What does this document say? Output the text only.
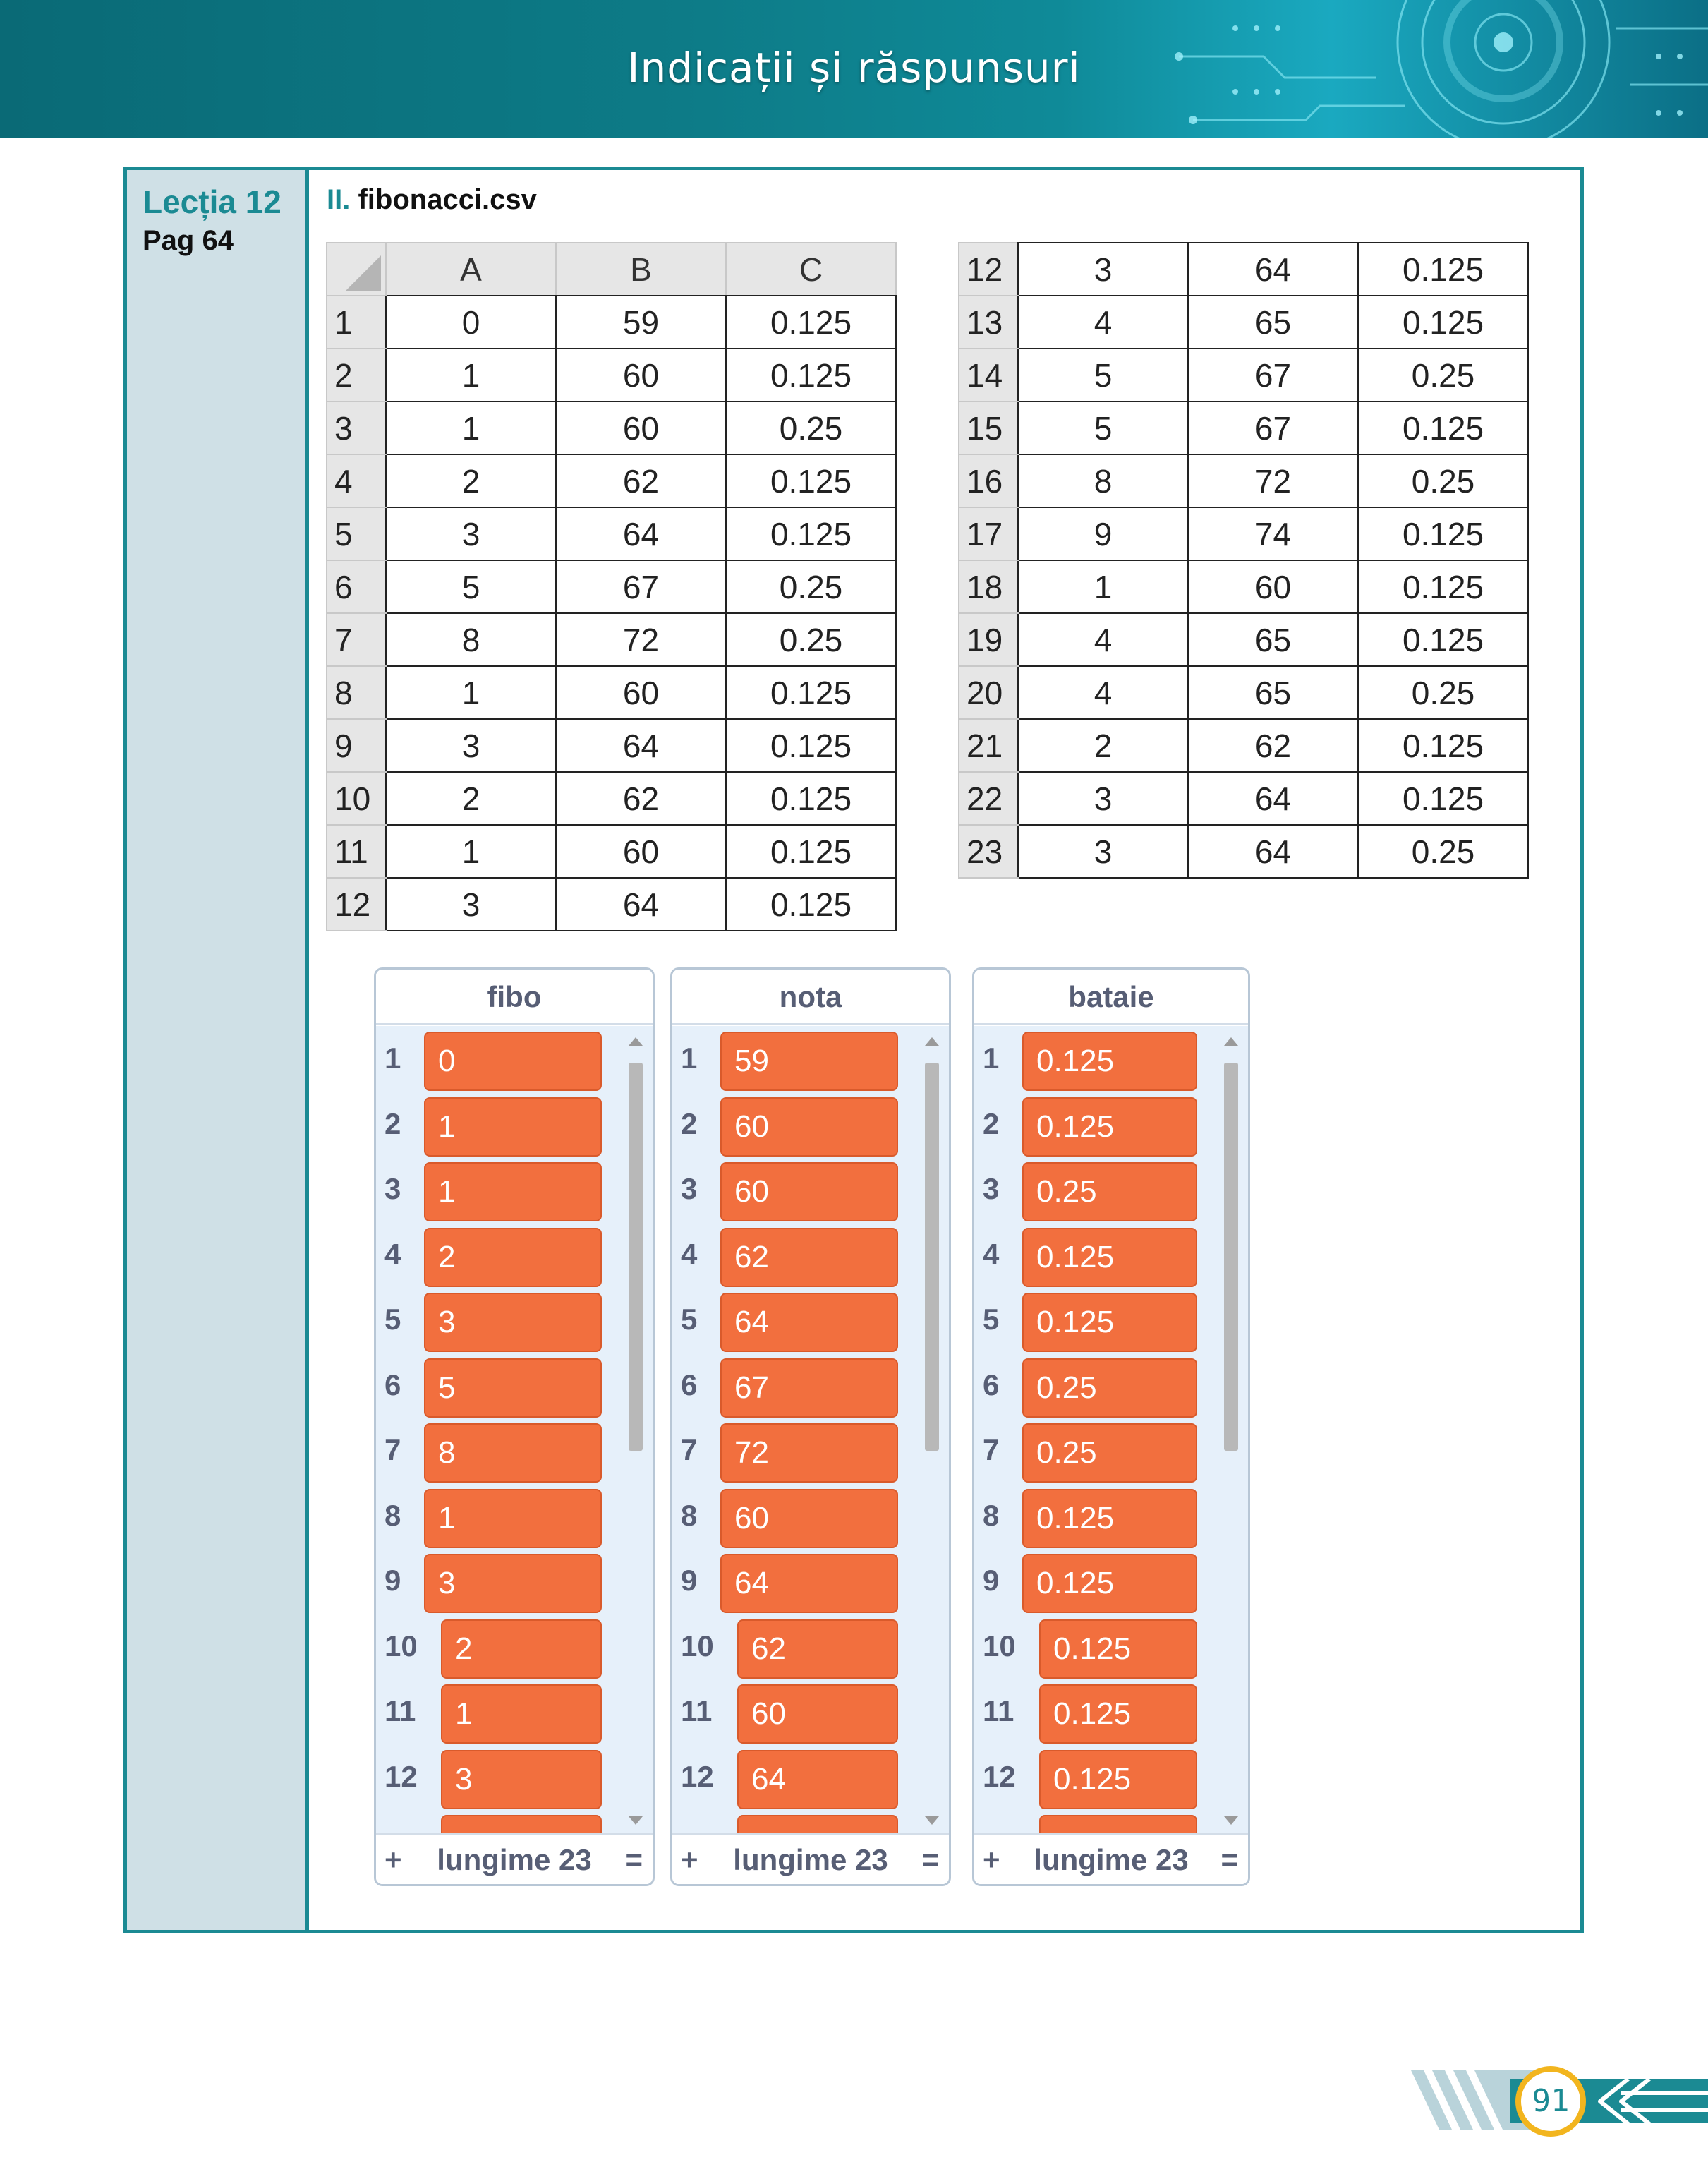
Indicații și răspunsuri
Lecția 12
Pag 64
II. fibonacci.csv
	A	B	C
1	0	59	0.125
2	1	60	0.125
3	1	60	0.25
4	2	62	0.125
5	3	64	0.125
6	5	67	0.25
7	8	72	0.25
8	1	60	0.125
9	3	64	0.125
10	2	62	0.125
11	1	60	0.125
12	3	64	0.125
12	3	64	0.125
13	4	65	0.125
14	5	67	0.25
15	5	67	0.125
16	8	72	0.25
17	9	74	0.125
18	1	60	0.125
19	4	65	0.125
20	4	65	0.25
21	2	62	0.125
22	3	64	0.125
23	3	64	0.25
fibo
1	0
2	1
3	1
4	2
5	3
6	5
7	8
8	1
9	3
10	2
11	1
12	3
lungime 23
+	=
nota
1	59
2	60
3	60
4	62
5	64
6	67
7	72
8	60
9	64
10	62
11	60
12	64
lungime 23
+	=
bataie
1	0.125
2	0.125
3	0.25
4	0.125
5	0.125
6	0.25
7	0.25
8	0.125
9	0.125
10	0.125
11	0.125
12	0.125
lungime 23
+	=
91
